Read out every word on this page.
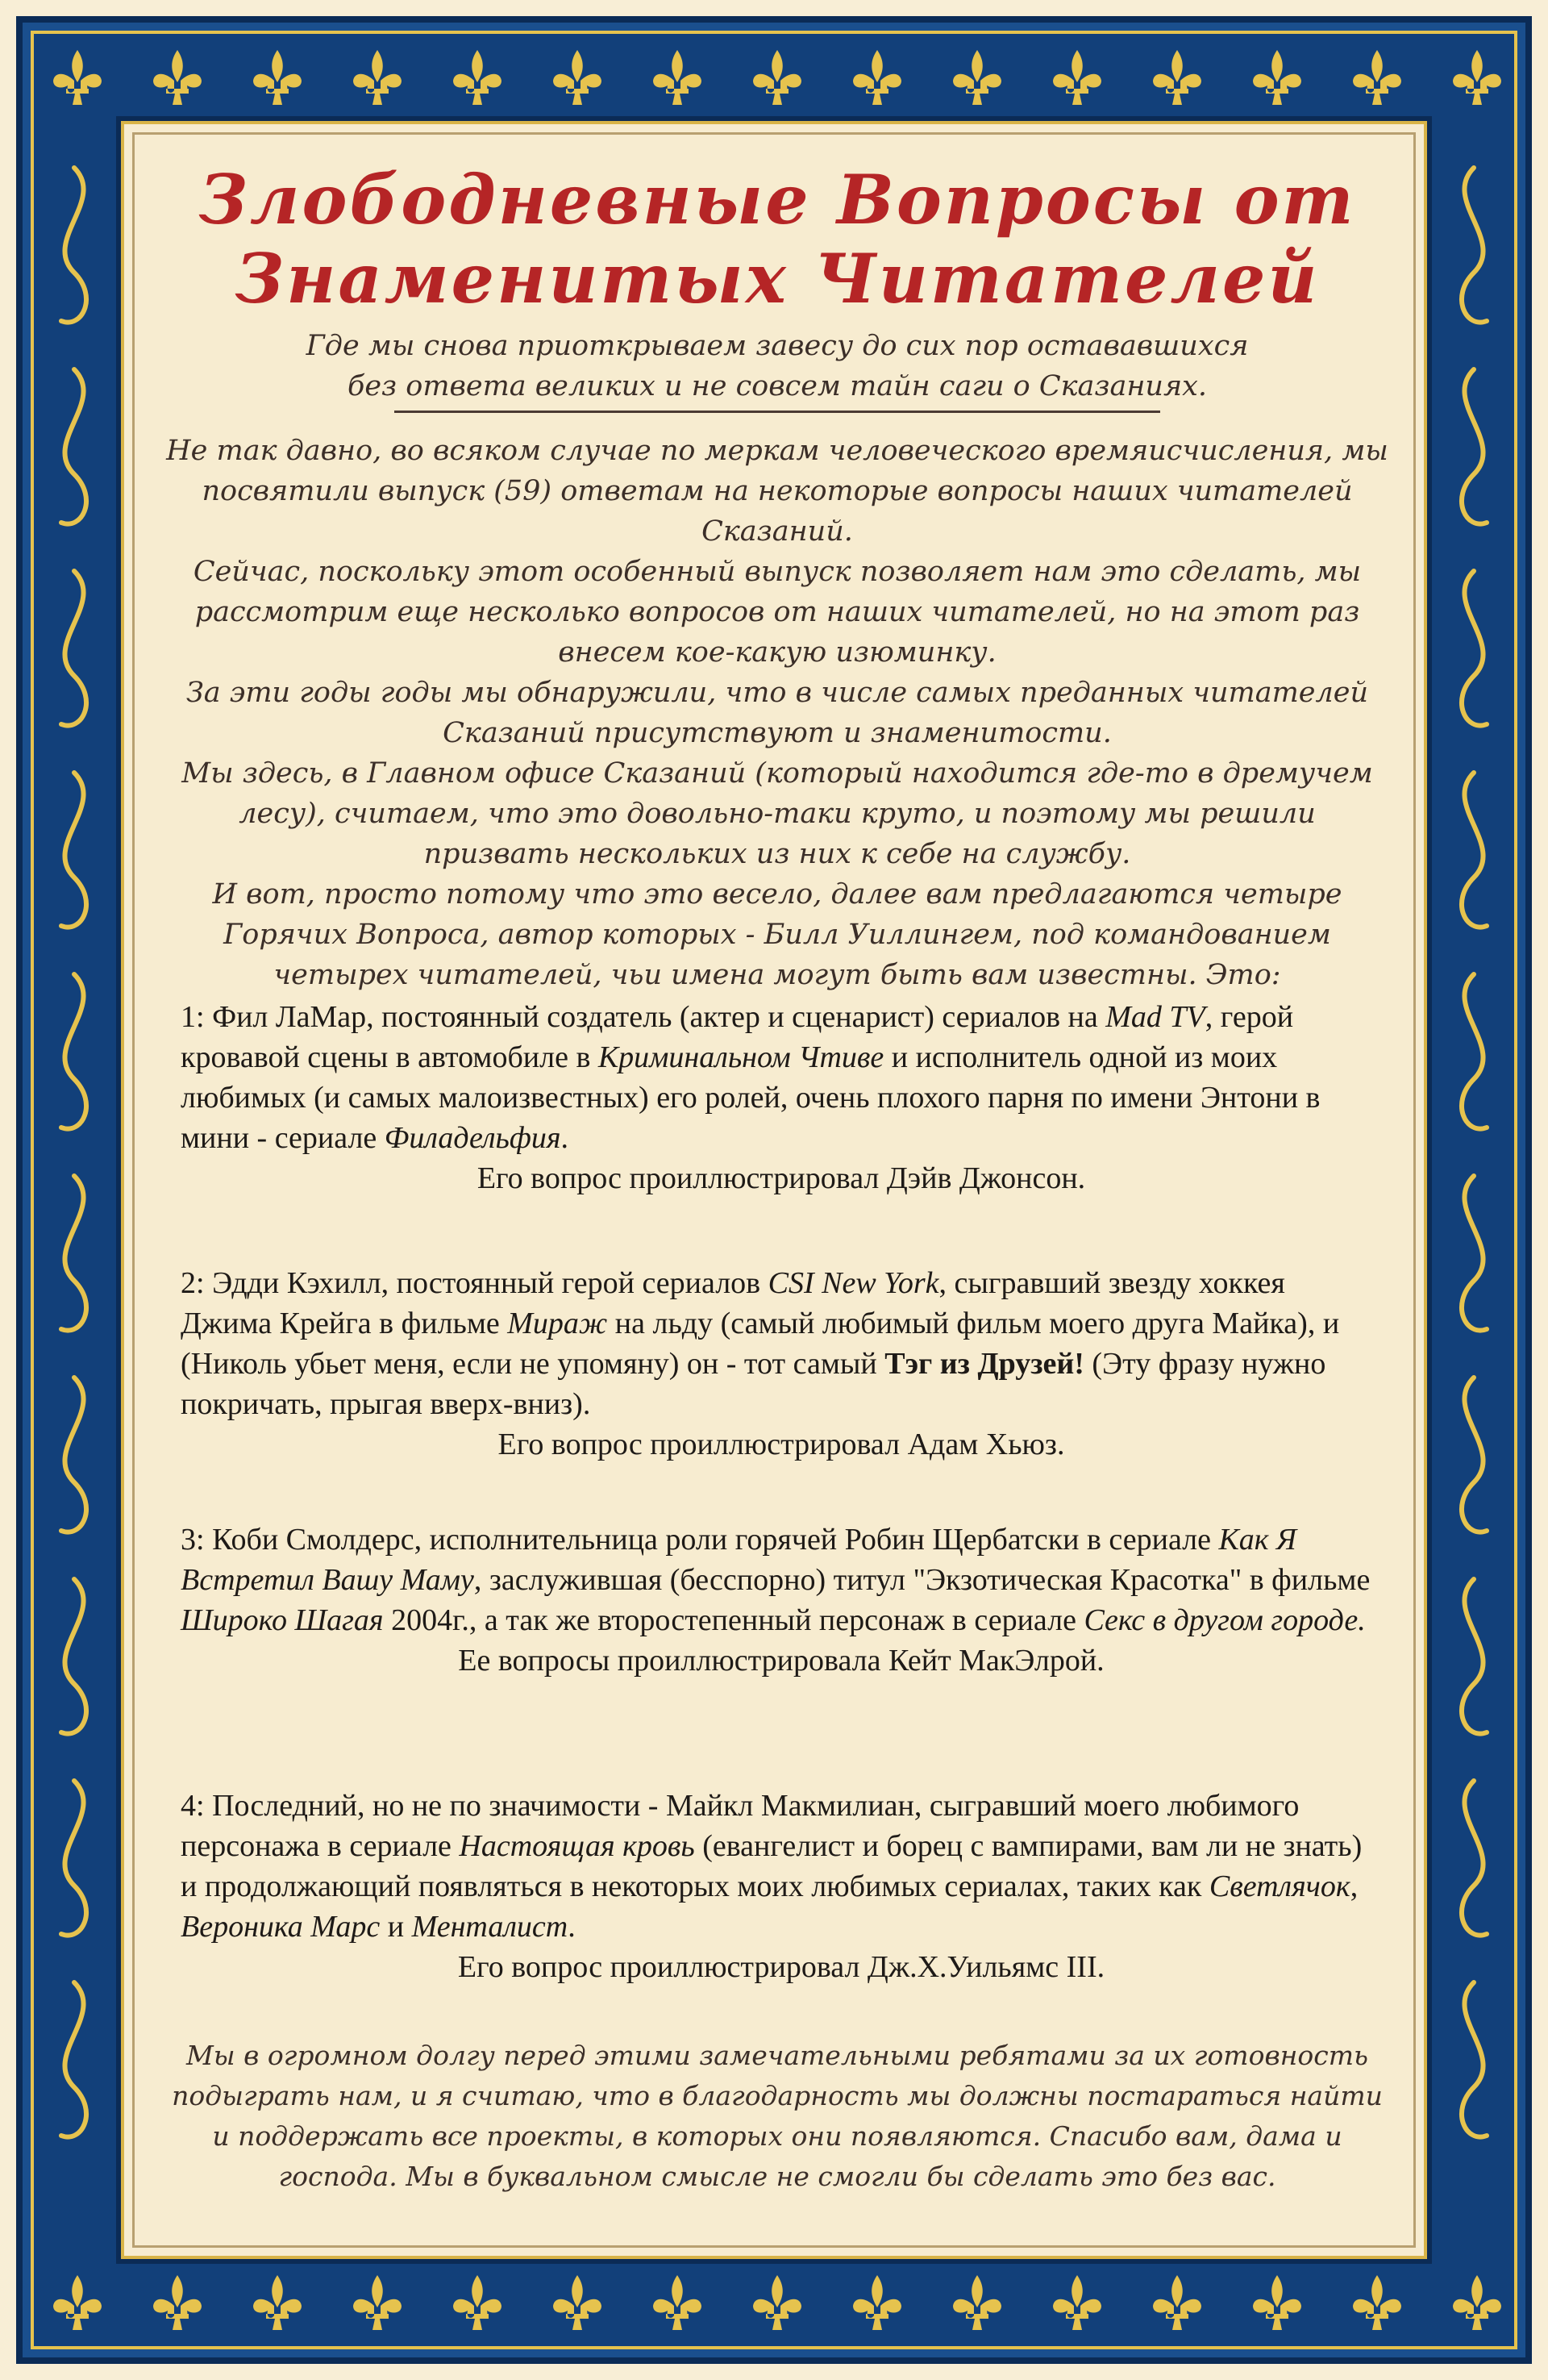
Злободневные Вопросы от
Знаменитых Читателей
Где мы снова приоткрываем завесу до сих пор остававшихся
без ответа великих и не совсем тайн саги о Сказаниях.
Не так давно, во всяком случае по меркам человеческого времяисчисления, мы
посвятили выпуск (59) ответам на некоторые вопросы наших читателей Сказаний.
Сейчас, поскольку этот особенный выпуск позволяет нам это сделать, мы
рассмотрим еще несколько вопросов от наших читателей, но на этот раз
внесем кое-какую изюминку.
За эти годы годы мы обнаружили, что в числе самых преданных читателей
Сказаний присутствуют и знаменитости.
Мы здесь, в Главном офисе Сказаний (который находится где-то в дремучем
лесу), считаем, что это довольно-таки круто, и поэтому мы решили
призвать нескольких из них к себе на службу.
И вот, просто потому что это весело, далее вам предлагаются четыре
Горячих Вопроса, автор которых - Билл Уиллингем, под командованием
четырех читателей, чьи имена могут быть вам известны. Это:

1: Фил ЛаМар, постоянный создатель (актер и сценарист) сериалов на Mad TV, герой кровавой сцены в автомобиле в Криминальном Чтиве и исполнитель одной из моих любимых (и самых малоизвестных) его ролей, очень плохого парня по имени Энтони в мини - сериале Филадельфия.

Его вопрос проиллюстрировал Дэйв Джонсон.

2: Эдди Кэхилл, постоянный герой сериалов CSI New York, сыгравший звезду хоккея Джима Крейга в фильме Мираж на льду (самый любимый фильм моего друга Майка), и (Николь убьет меня, если не упомяну) он - тот самый Тэг из Друзей! (Эту фразу нужно покричать, прыгая вверх-вниз).

Его вопрос проиллюстрировал Адам Хьюз.

3: Коби Смолдерс, исполнительница роли горячей Робин Щербатски в сериале Как Я Встретил Вашу Маму, заслужившая (бесспорно) титул "Экзотическая Красотка" в фильме Широко Шагая 2004г., а так же второстепенный персонаж в сериале Секс в другом городе.

Ее вопросы проиллюстрировала Кейт МакЭлрой.

4: Последний, но не по значимости - Майкл Макмилиан, сыгравший моего любимого персонажа в сериале Настоящая кровь (евангелист и борец с вампирами, вам ли не знать) и продолжающий появляться в некоторых моих любимых сериалах, таких как Светлячок, Вероника Марс и Менталист.

Его вопрос проиллюстрировал Дж.Х.Уильямс III.

Мы в огромном долгу перед этими замечательными ребятами за их готовность
подыграть нам, и я считаю, что в благодарность мы должны постараться найти
и поддержать все проекты, в которых они появляются. Спасибо вам, дама и
господа. Мы в буквальном смысле не смогли бы сделать это без вас.
